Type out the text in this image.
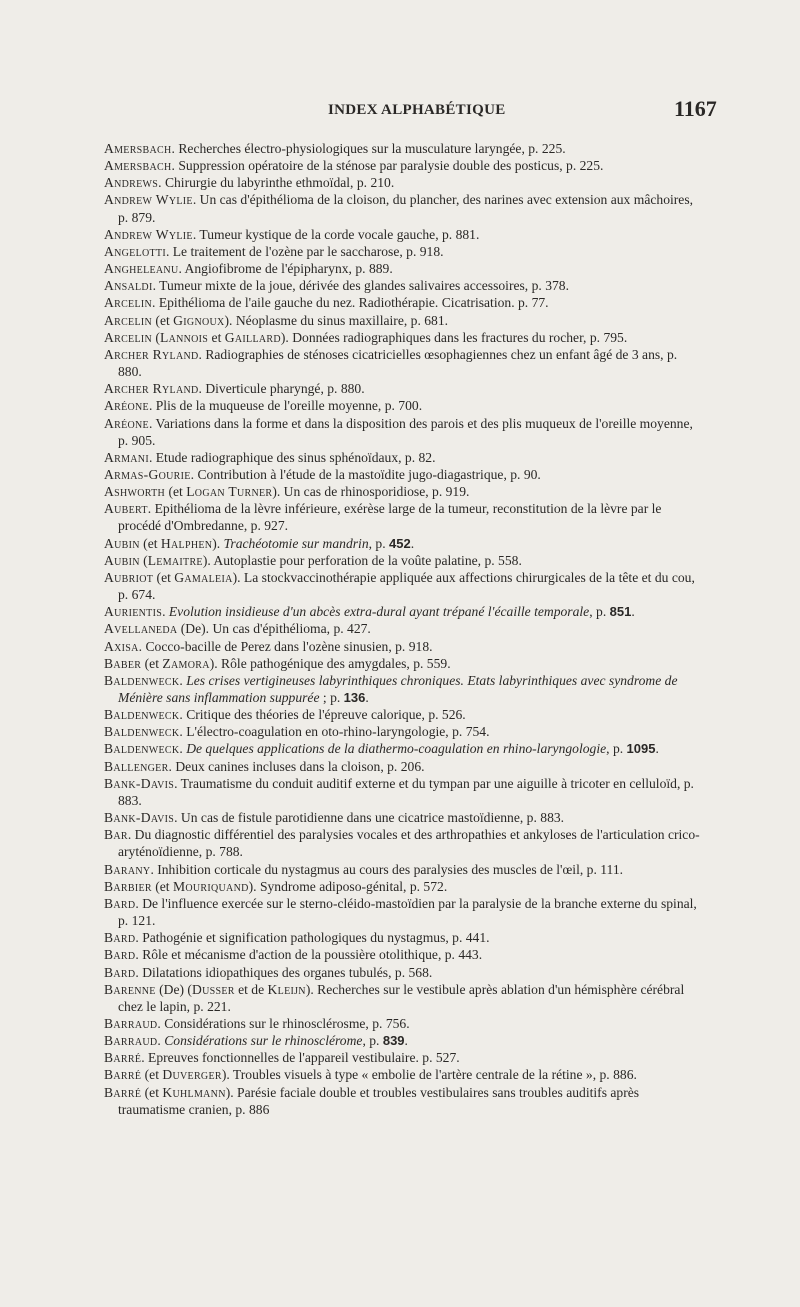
INDEX ALPHABÉTIQUE	1167

Amersbach. Recherches électro-physiologiques sur la musculature laryngée, p. 225.

Amersbach. Suppression opératoire de la sténose par paralysie double des posticus, p. 225.

Andrews. Chirurgie du labyrinthe ethmoïdal, p. 210.

Andrew Wylie. Un cas d'épithélioma de la cloison, du plancher, des narines avec extension aux mâchoires, p. 879.

Andrew Wylie. Tumeur kystique de la corde vocale gauche, p. 881.

Angelotti. Le traitement de l'ozène par le saccharose, p. 918.

Angheleanu. Angiofibrome de l'épipharynx, p. 889.

Ansaldi. Tumeur mixte de la joue, dérivée des glandes salivaires accessoires, p. 378.

Arcelin. Epithélioma de l'aile gauche du nez. Radiothérapie. Cicatrisation. p. 77.

Arcelin (et Gignoux). Néoplasme du sinus maxillaire, p. 681.

Arcelin (Lannois et Gaillard). Données radiographiques dans les fractures du rocher, p. 795.

Archer Ryland. Radiographies de sténoses cicatricielles œsophagiennes chez un enfant âgé de 3 ans, p. 880.

Archer Ryland. Diverticule pharyngé, p. 880.

Aréone. Plis de la muqueuse de l'oreille moyenne, p. 700.

Aréone. Variations dans la forme et dans la disposition des parois et des plis muqueux de l'oreille moyenne, p. 905.

Armani. Etude radiographique des sinus sphénoïdaux, p. 82.

Armas-Gourie. Contribution à l'étude de la mastoïdite jugo-diagastrique, p. 90.

Ashworth (et Logan Turner). Un cas de rhinosporidiose, p. 919.

Aubert. Epithélioma de la lèvre inférieure, exérèse large de la tumeur, reconstitution de la lèvre par le procédé d'Ombredanne, p. 927.

Aubin (et Halphen). Trachéotomie sur mandrin, p. 452.

Aubin (Lemaitre). Autoplastie pour perforation de la voûte palatine, p. 558.

Aubriot (et Gamaleia). La stockvaccinothérapie appliquée aux affections chirurgicales de la tête et du cou, p. 674.

Aurientis. Evolution insidieuse d'un abcès extra-dural ayant trépané l'écaille temporale, p. 851.

Avellaneda (De). Un cas d'épithélioma, p. 427.

Axisa. Cocco-bacille de Perez dans l'ozène sinusien, p. 918.

Baber (et Zamora). Rôle pathogénique des amygdales, p. 559.

Baldenweck. Les crises vertigineuses labyrinthiques chroniques. Etats labyrinthiques avec syndrome de Ménière sans inflammation suppurée ; p. 136.

Baldenweck. Critique des théories de l'épreuve calorique, p. 526.

Baldenweck. L'électro-coagulation en oto-rhino-laryngologie, p. 754.

Baldenweck. De quelques applications de la diathermo-coagulation en rhino-laryngologie, p. 1095.

Ballenger. Deux canines incluses dans la cloison, p. 206.

Bank-Davis. Traumatisme du conduit auditif externe et du tympan par une aiguille à tricoter en celluloïd, p. 883.

Bank-Davis. Un cas de fistule parotidienne dans une cicatrice mastoïdienne, p. 883.

Bar. Du diagnostic différentiel des paralysies vocales et des arthropathies et ankyloses de l'articulation crico-aryténoïdienne, p. 788.

Barany. Inhibition corticale du nystagmus au cours des paralysies des muscles de l'œil, p. 111.

Barbier (et Mouriquand). Syndrome adiposo-génital, p. 572.

Bard. De l'influence exercée sur le sterno-cléido-mastoïdien par la paralysie de la branche externe du spinal, p. 121.

Bard. Pathogénie et signification pathologiques du nystagmus, p. 441.

Bard. Rôle et mécanisme d'action de la poussière otolithique, p. 443.

Bard. Dilatations idiopathiques des organes tubulés, p. 568.

Barenne (De) (Dusser et de Kleijn). Recherches sur le vestibule après ablation d'un hémisphère cérébral chez le lapin, p. 221.

Barraud. Considérations sur le rhinosclérosme, p. 756.

Barraud. Considérations sur le rhinosclérome, p. 839.

Barré. Epreuves fonctionnelles de l'appareil vestibulaire. p. 527.

Barré (et Duverger). Troubles visuels à type « embolie de l'artère centrale de la rétine », p. 886.

Barré (et Kuhlmann). Parésie faciale double et troubles vestibulaires sans troubles auditifs après traumatisme cranien, p. 886
